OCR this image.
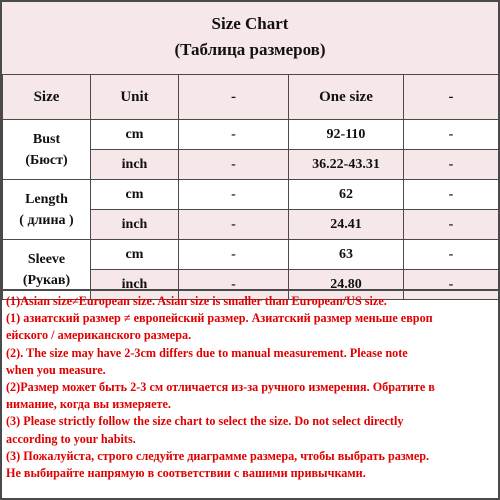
Size Chart
(Таблица размеров)
Size	Unit	-	One size	-

Bust
(Бюст)	cm	-	92-110	-
	inch	-	36.22-43.31	-

Length
( длина )	cm	-	62	-
	inch	-	24.41	-

Sleeve
(Рукав)	cm	-	63	-
	inch	-	24.80	-
(1)Asian size≠European size. Asian size is smaller than European/US size.
(1) азиатский размер ≠ европейский размер. Азиатский размер меньше европ
ейского / американского размера.
(2). The size may have 2-3cm differs due to manual measurement. Please note
when you measure.
(2)Размер может быть 2-3 см отличается из-за ручного измерения. Обратите в
нимание, когда вы измеряете.
(3) Please strictly follow the size chart to select the size. Do not select directly
according to your habits.
(3) Пожалуйста, строго следуйте диаграмме размера, чтобы выбрать размер.
Не выбирайте напрямую в соответствии с вашими привычками.
